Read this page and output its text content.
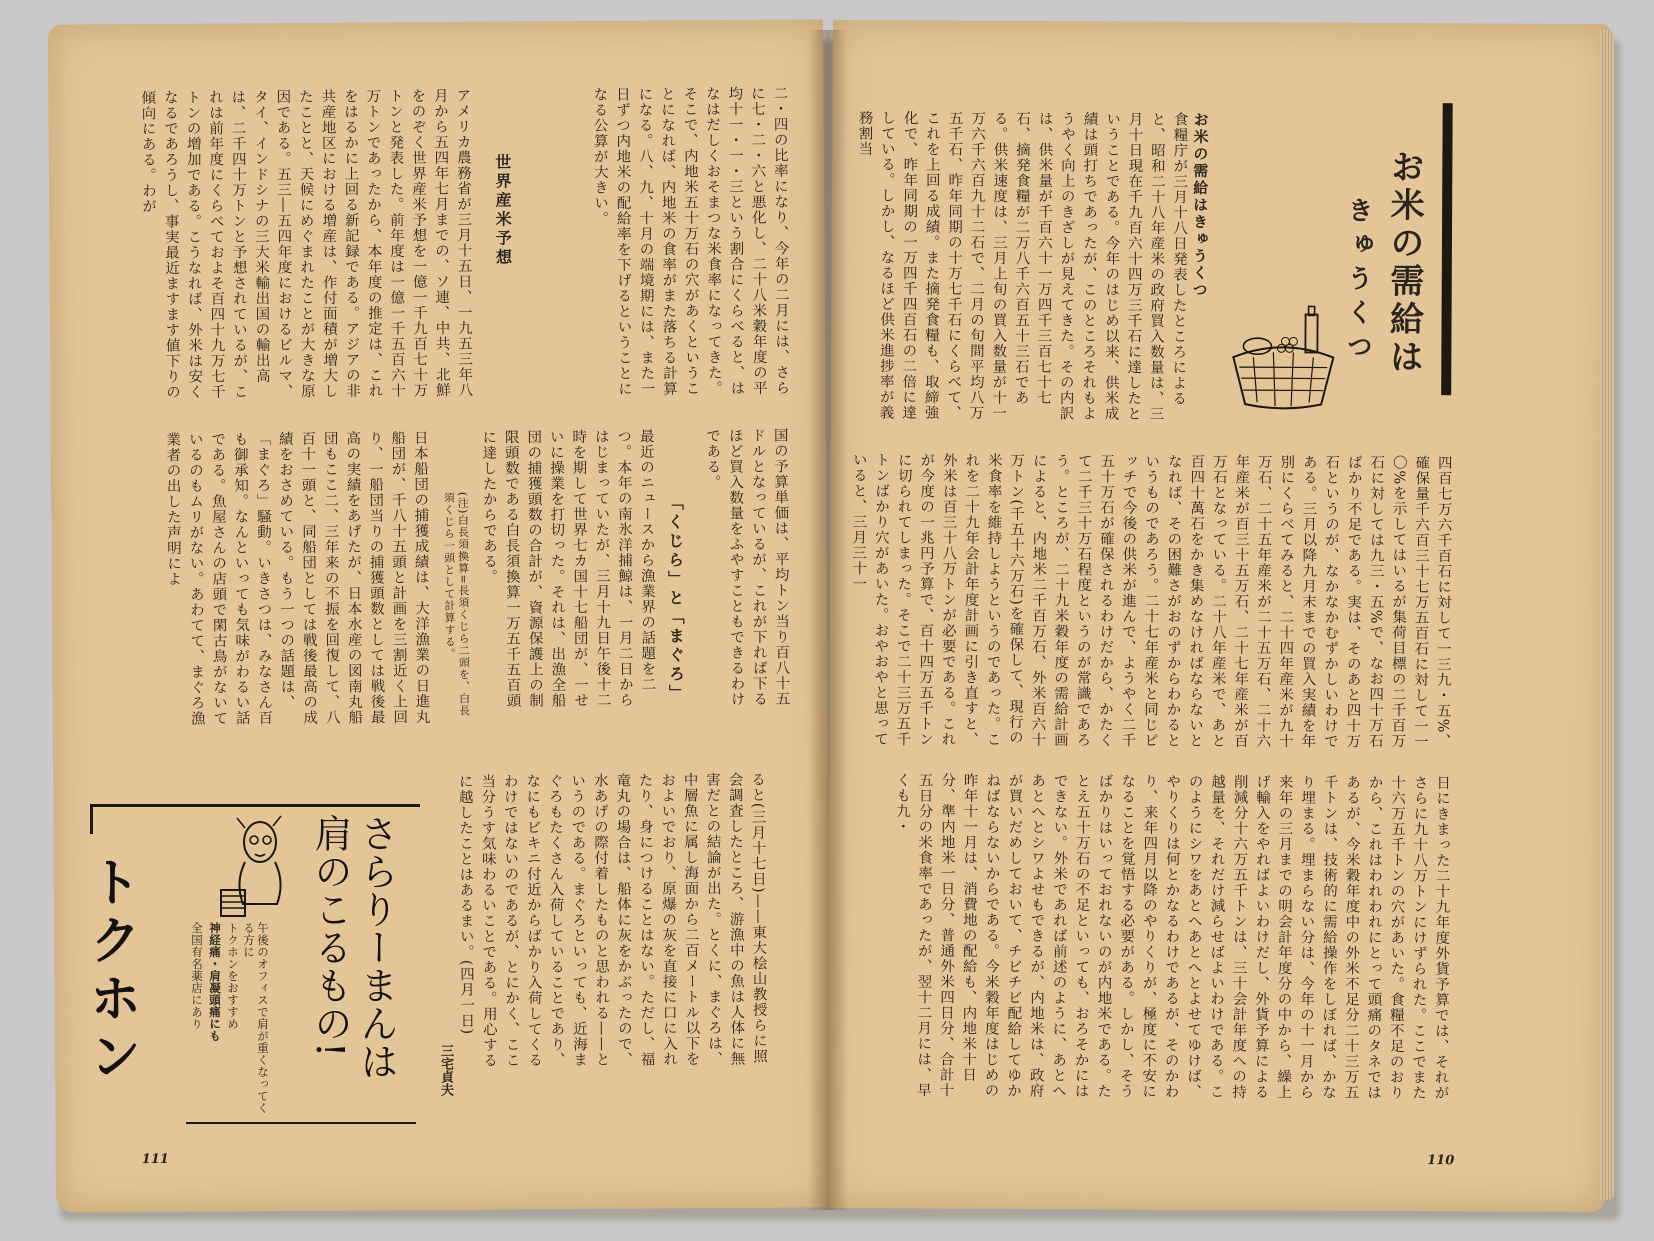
二・四の比率になり、今年の二月には、さらに七・二・六と悪化し、二十八米穀年度の平均十一・一・三という割合にくらべると、はなはだしくおそまつな米食率になってきた。そこで、内地米五十万石の穴があくということになれば、内地米の食率がまた落ちる計算になる。八、九、十月の端境期には、また一日ずつ内地米の配給率を下げるということになる公算が大きい。
世界産米予想
アメリカ農務省が三月十五日、一九五三年八月から五四年七月までの、ソ連、中共、北鮮をのぞく世界産米予想を一億一千九百七十万トンと発表した。前年度は一億一千五百六十万トンであったから、本年度の推定は、これをはるかに上回る新記録である。アジアの非共産地区における増産は、作付面積が増大したことと、天候にめぐまれたことが大きな原因である。五三―五四年度におけるビルマ、タイ、インドシナの三大米輸出国の輸出高は、二千四十万トンと予想されているが、これは前年度にくらべておよそ百四十九万七千トンの増加である。こうなれば、外米は安くなるであろうし、事実最近ますます値下りの傾向にある。わが
国の予算単価は、平均トン当り百八十五ドルとなっているが、これが下れば下るほど買入数量をふやすこともできるわけである。
「くじら」と「まぐろ」
最近のニュースから漁業界の話題を二つ。本年の南氷洋捕鯨は、一月二日からはじまっていたが、三月十九日午後十二時を期して世界七カ国十七船団が、一せいに操業を打切った。それは、出漁全船団の捕獲頭数の合計が、資源保護上の制限頭数である白長須換算一万五千五百頭に達したからである。
(注)白長須換算=長須くじら二頭を、白長須くじら一頭として計算する。
日本船団の捕獲成績は、大洋漁業の日進丸船団が、千八十五頭と計画を三割近く上回り、一船団当りの捕獲頭数としては戦後最高の実績をあげたが、日本水産の図南丸船団もここ二、三年来の不振を回復して、八百十一頭と、同船団としては戦後最高の成績をおさめている。もう一つの話題は、「まぐろ」騒動。いきさつは、みなさん百も御承知。なんといっても気味がわるい話である。魚屋さんの店頭で閑古鳥がないているのもムリがない。あわてて、まぐろ漁業者の出した声明によ
ると(三月十七日)——東大桧山教授らに照会調査したところ、游漁中の魚は人体に無害だとの結論が出た。とくに、まぐろは、中層魚に属し海面から二百メートル以下をおよいでおり、原爆の灰を直接に口に入れたり、身につけることはない。ただし、福竜丸の場合は、船体に灰をかぶったので、水あげの際付着したものと思われる——というのである。まぐろといっても、近海まぐろもたくさん入荷していることであり、なにもビキニ付近からばかり入荷してくるわけではないのであるが、とにかく、ここ当分うす気味わるいことである。用心するに越したことはあるまい。(四月一日)
111
トクホン	さらりーまんは
肩のこるもの!
午後のオフィスで肩が重くなってくる方に
トクホンをおすすめ
神経痛・肩凝頭痛にも
全国有名薬店にあり
三宅貞夫
お米の需給は
きゅうくつ
お米の需給はきゅうくつ
食糧庁が三月十八日発表したところによると、昭和二十八年産米の政府買入数量は、三月十日現在千九百六十四万三千石に達したということである。今年のはじめ以来、供米成績は頭打ちであったが、このところそれもようやく向上のきざしが見えてきた。その内訳は、供米量が千百六十一万四千三百七十七石、摘発食糧が二万八千六百五十三石である。供米速度は、三月上旬の買入数量が十一万六千六百九十二石で、二月の旬間平均八万五千石、昨年同期の十万七千石にくらべて、これを上回る成績。また摘発食糧も、取締強化で、昨年同期の一万四千四百石の二倍に達している。しかし、なるほど供米進捗率が義務割当
四百七万六千百石に対して一三九・五%、確保量千六百三十七万五百石に対して一一〇%を示してはいるが集荷目標の二千百万石に対しては九三・五%で、なお四十万石ばかり不足である。実は、そのあと四十万石というのが、なかなかむずかしいわけである。三月以降九月末までの買入実績を年別にくらべてみると、二十四年産米が九十万石、二十五年産米が二十五万石、二十六年産米が百三十五万石、二十七年産米が百万石となっている。二十八年産米で、あと百四十萬石をかき集めなければならないとなれば、その困難さがおのずからわかるというものであろう。二十七年産米と同じピッチで今後の供米が進んで、ようやく二千五十万石が確保されるわけだから、かたくて二千三十万石程度というのが常識であろう。ところが、二十九米穀年度の需給計画によると、内地米二千百万石、外米百六十万トン(千五十六万石)を確保して、現行の米食率を維持しようというのであった。これを二十九年会計年度計画に引き直すと、外米は百三十八万トンが必要である。これが今度の一兆円予算で、百十四万五千トンに切られてしまった。そこで二十三万五千トンばかり穴があいた。おやおやと思っていると、三月三十一
日にきまった二十九年度外貨予算では、それがさらに九十八万トンにけずられた。ここでまた十六万五千トンの穴があいた。食糧不足のおりから、これはわれわれにとって頭痛のタネではあるが、今米穀年度中の外米不足分二十三万五千トンは、技術的に需給操作をしぼれば、かなり埋まる。埋まらない分は、今年の十一月から来年の三月までの明会計年度分の中から、繰上げ輸入をやればよいわけだし、外貨予算による削減分十六万五千トンは、三十会計年度への持越量を、それだけ減らせばよいわけである。このようにシワをあとへあとへとよせてゆけば、やりくりは何とかなるわけであるが、そのかわり、来年四月以降のやりくりが、極度に不安になることを覚悟する必要がある。しかし、そうばかりはいっておれないのが内地米である。たとえ五十万石の不足といっても、おろそかにはできない。外米であれば前述のように、あとへあとへとシワよせもできるが、内地米は、政府が買いだめしておいて、チビチビ配給してゆかねばならないからである。今米穀年度はじめの昨年十一月は、消費地の配給も、内地米十日分、準内地米一日分、普通外米四日分、合計十五日分の米食率であったが、翌十二月には、早くも九・
110
